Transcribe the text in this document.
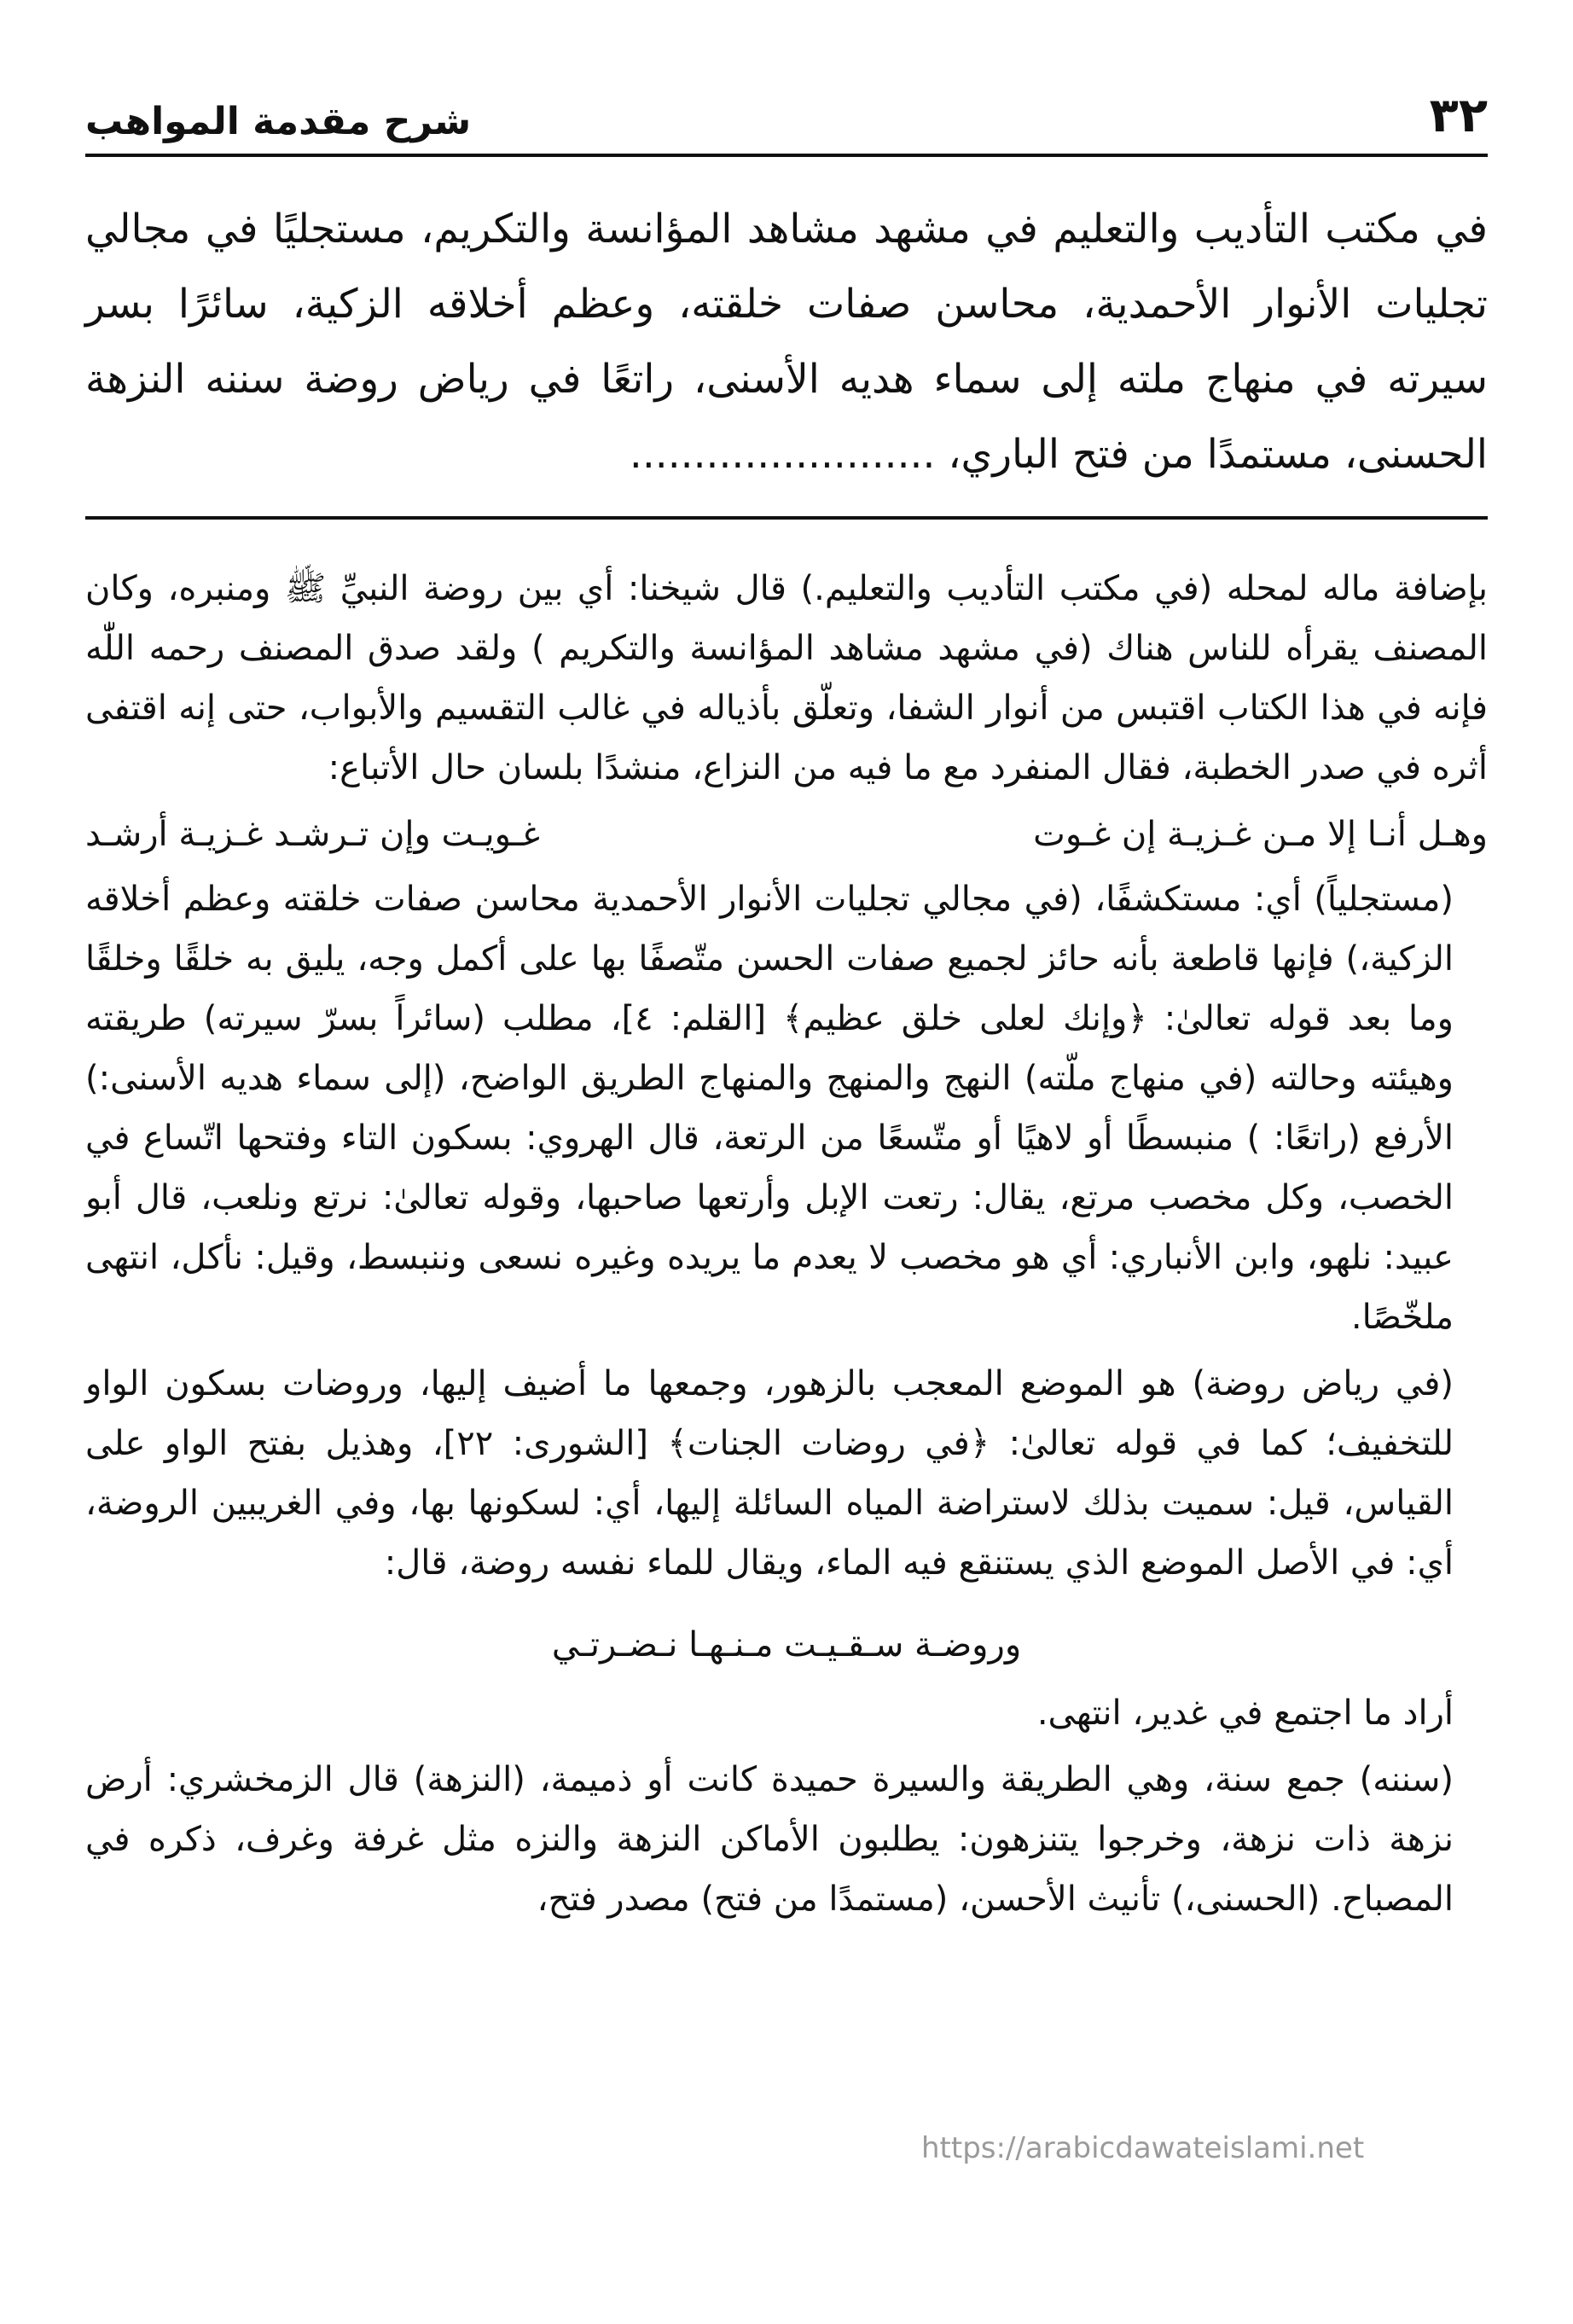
٣٢
شرح مقدمة المواهب

في مكتب التأديب والتعليم في مشهد مشاهد المؤانسة والتكريم، مستجليًا في مجالي تجليات الأنوار الأحمدية، محاسن صفات خلقته، وعظم أخلاقه الزكية، سائرًا بسر سيرته في منهاج ملته إلى سماء هديه الأسنى، راتعًا في رياض روضة سننه النزهة الحسنى، مستمدًا من فتح الباري، ........................

بإضافة ماله لمحله (في مكتب التأديب والتعليم.) قال شيخنا: أي بين روضة النبيِّ ﷺ ومنبره، وكان المصنف يقرأه للناس هناك (في مشهد مشاهد المؤانسة والتكريم ) ولقد صدق المصنف رحمه اللّٰه فإنه في هذا الكتاب اقتبس من أنوار الشفا، وتعلّق بأذياله في غالب التقسيم والأبواب، حتى إنه اقتفى أثره في صدر الخطبة، فقال المنفرد مع ما فيه من النزاع، منشدًا بلسان حال الأتباع:

وهـل أنـا إلا مـن غـزيـة إن غـوت
غـويـت وإن تـرشـد غـزيـة أرشـد

(مستجلياً) أي: مستكشفًا، (في مجالي تجليات الأنوار الأحمدية محاسن صفات خلقته وعظم أخلاقه الزكية،) فإنها قاطعة بأنه حائز لجميع صفات الحسن متّصفًا بها على أكمل وجه، يليق به خلقًا وخلقًا وما بعد قوله تعالىٰ: ﴿وإنك لعلى خلق عظيم﴾ [القلم: ٤]، مطلب (سائراً بسرّ سيرته) طريقته وهيئته وحالته (في منهاج ملّته) النهج والمنهج والمنهاج الطريق الواضح، (إلى سماء هديه الأسنى:) الأرفع (راتعًا: ) منبسطًا أو لاهيًا أو متّسعًا من الرتعة، قال الهروي: بسكون التاء وفتحها اتّساع في الخصب، وكل مخصب مرتع، يقال: رتعت الإبل وأرتعها صاحبها، وقوله تعالىٰ: نرتع ونلعب، قال أبو عبيد: نلهو، وابن الأنباري: أي هو مخصب لا يعدم ما يريده وغيره نسعى وننبسط، وقيل: نأكل، انتهى ملخّصًا.

(في رياض روضة) هو الموضع المعجب بالزهور، وجمعها ما أضيف إليها، وروضات بسكون الواو للتخفيف؛ كما في قوله تعالىٰ: ﴿في روضات الجنات﴾ [الشورى: ٢٢]، وهذيل بفتح الواو على القياس، قيل: سميت بذلك لاستراضة المياه السائلة إليها، أي: لسكونها بها، وفي الغريبين الروضة، أي: في الأصل الموضع الذي يستنقع فيه الماء، ويقال للماء نفسه روضة، قال:

وروضـة سـقـيـت مـنـهـا نـضـرتـي

أراد ما اجتمع في غدير، انتهى.

(سننه) جمع سنة، وهي الطريقة والسيرة حميدة كانت أو ذميمة، (النزهة) قال الزمخشري: أرض نزهة ذات نزهة، وخرجوا يتنزهون: يطلبون الأماكن النزهة والنزه مثل غرفة وغرف، ذكره في المصباح. (الحسنى،) تأنيث الأحسن، (مستمدًا من فتح) مصدر فتح،

https://arabicdawateislami.net
